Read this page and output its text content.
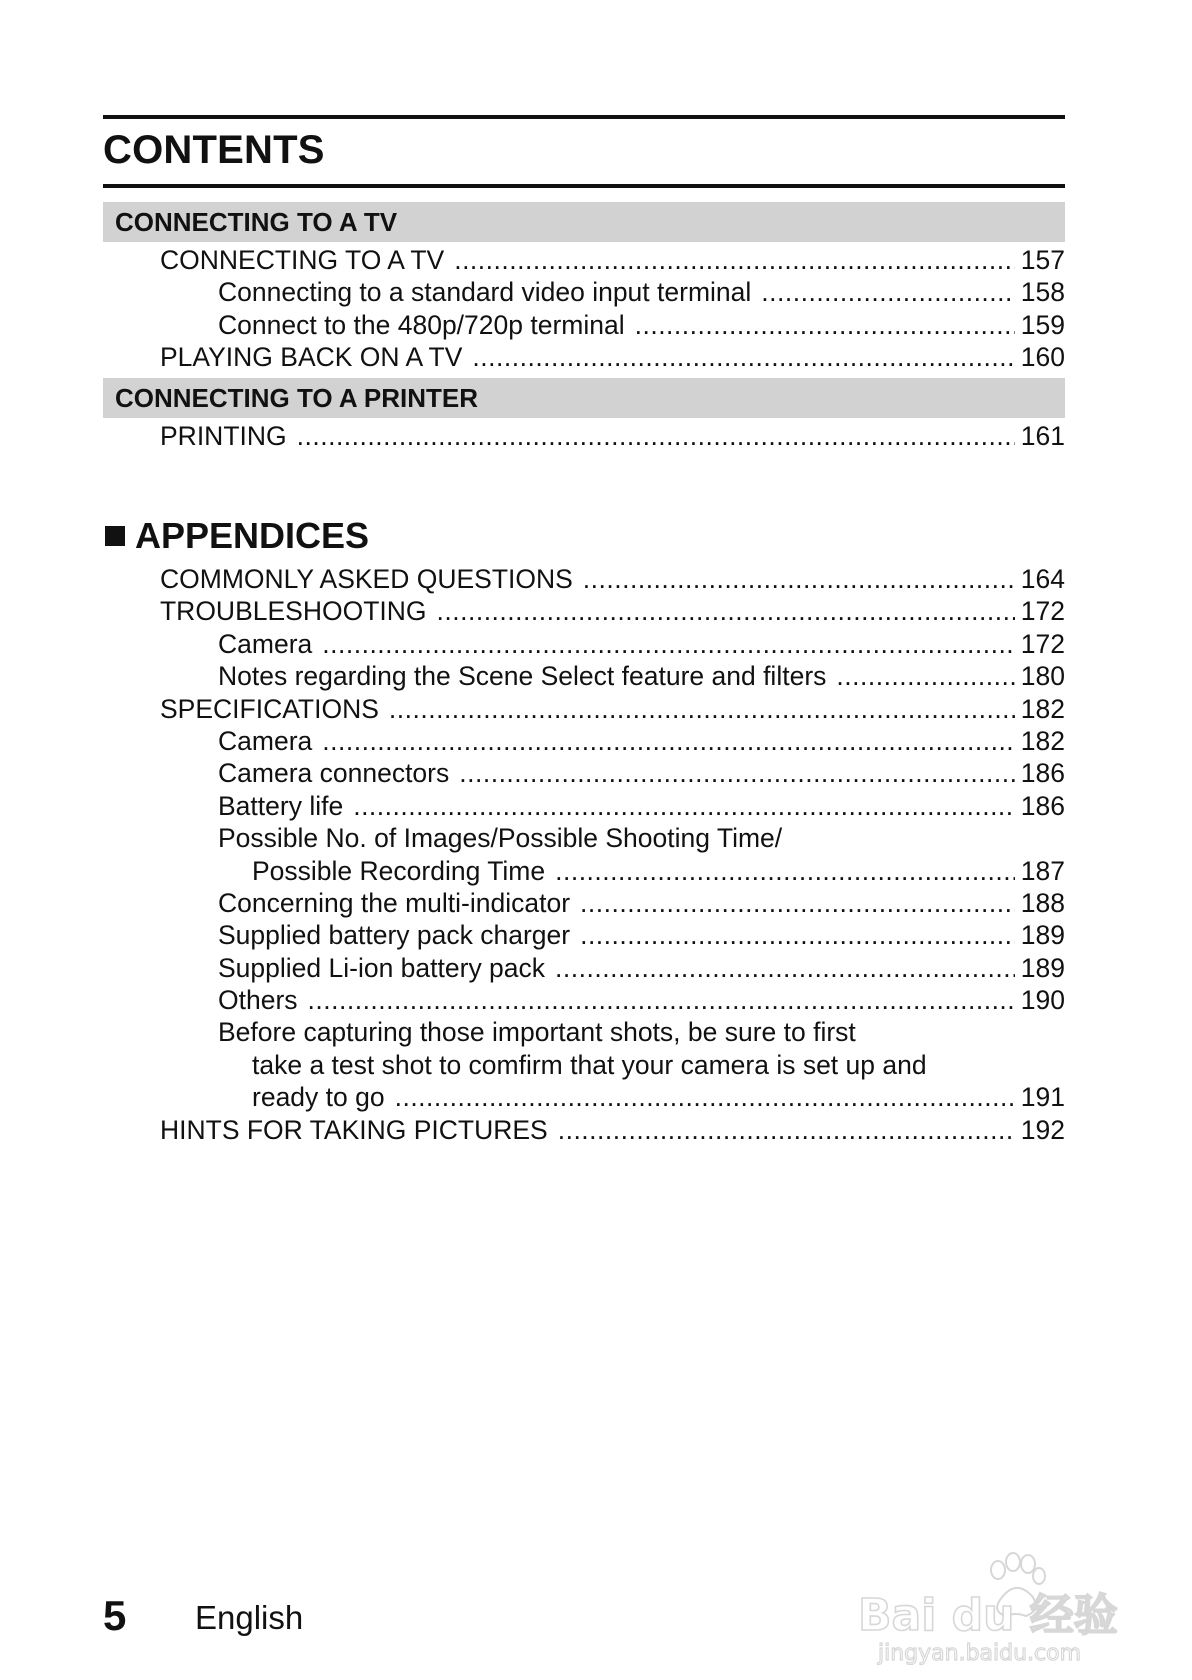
CONTENTS
CONNECTING TO A TV
CONNECTING TO A TV .....	157
Connecting to a standard video input terminal .....	158
Connect to the 480p/720p terminal .....	159
PLAYING BACK ON A TV .....	160
CONNECTING TO A PRINTER
PRINTING .....	161
APPENDICES
COMMONLY ASKED QUESTIONS .....	164
TROUBLESHOOTING .....	172
Camera .....	172
Notes regarding the Scene Select feature and filters .....	180
SPECIFICATIONS .....	182
Camera .....	182
Camera connectors .....	186
Battery life .....	186
Possible No. of Images/Possible Shooting Time/
Possible Recording Time .....	187
Concerning the multi-indicator .....	188
Supplied battery pack charger .....	189
Supplied Li-ion battery pack .....	189
Others .....	190
Before capturing those important shots, be sure to first
take a test shot to comfirm that your camera is set up and
ready to go .....	191
HINTS FOR TAKING PICTURES .....	192
5 English	Bai du 经验
jingyan.baidu.com
